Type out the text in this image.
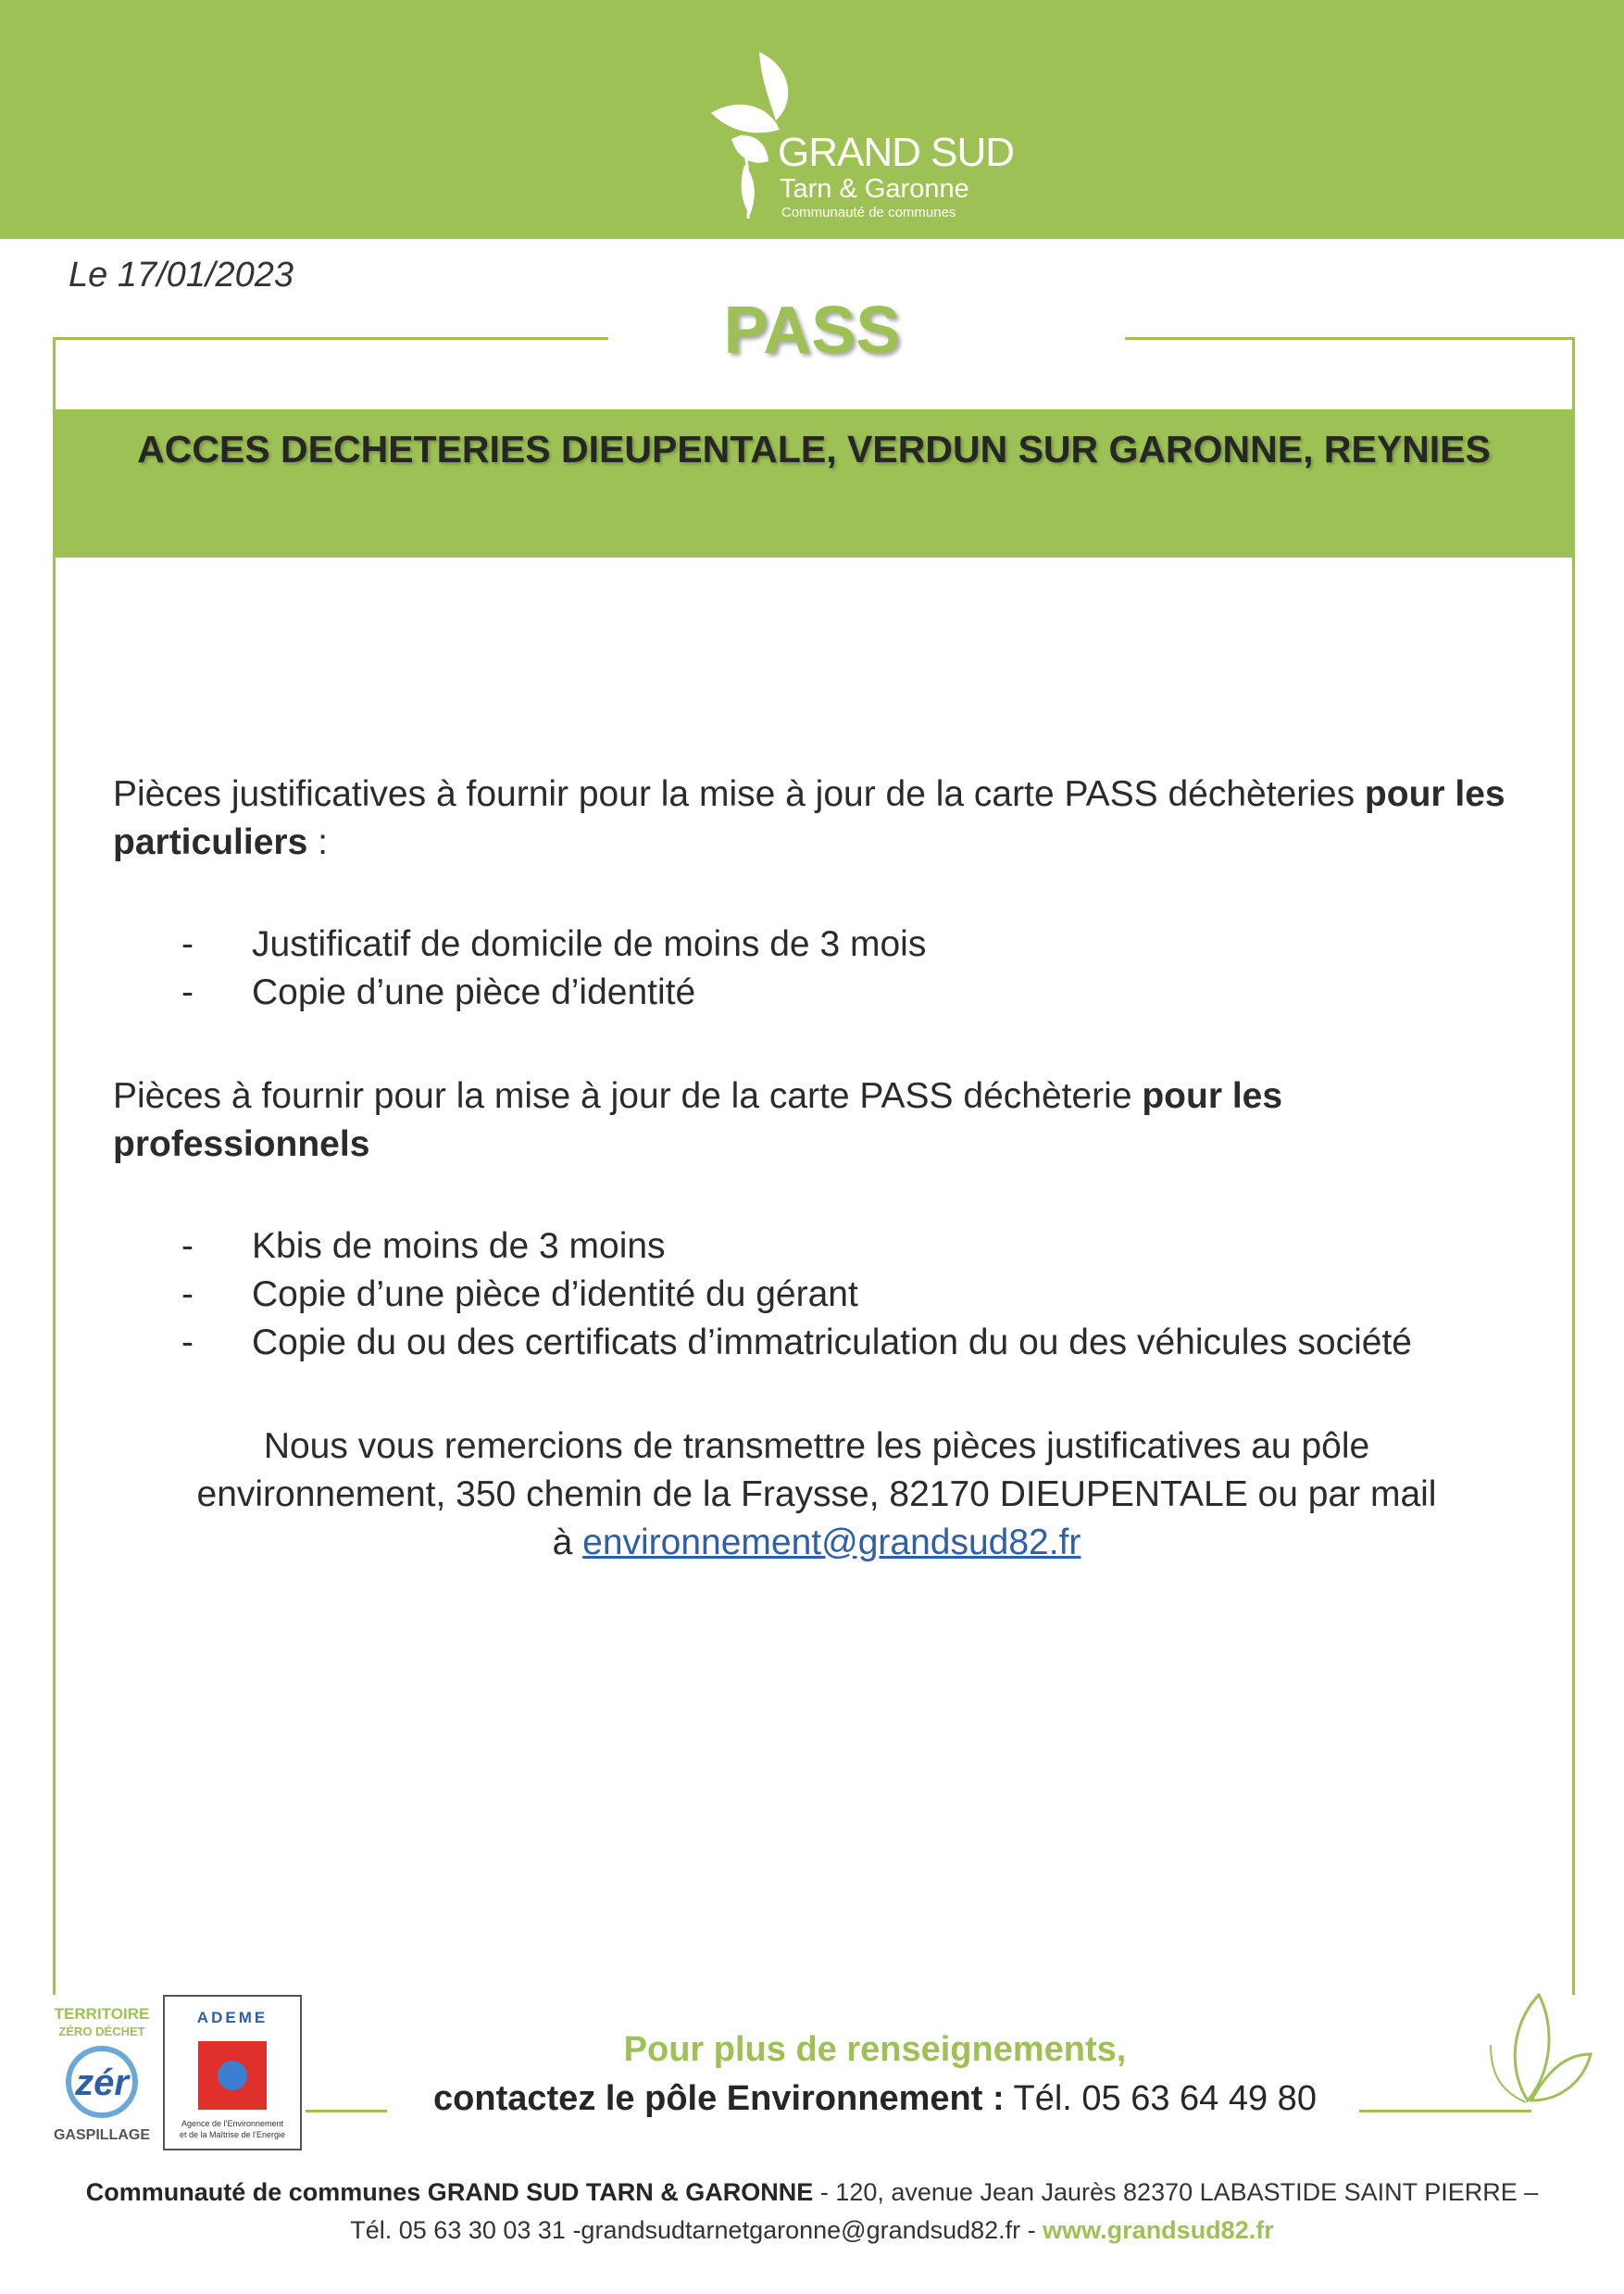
GRAND SUD
Tarn & Garonne
Communauté de communes
Le 17/01/2023
PASS
ACCES DECHETERIES DIEUPENTALE, VERDUN SUR GARONNE, REYNIES
Pièces justificatives à fournir pour la mise à jour de la carte PASS déchèteries pour les particuliers :
- Justificatif de domicile de moins de 3 mois
- Copie d’une pièce d’identité
Pièces à fournir pour la mise à jour de la carte PASS déchèterie pour les professionnels
- Kbis de moins de 3 moins
- Copie d’une pièce d’identité du gérant
- Copie du ou des certificats d’immatriculation du ou des véhicules société
Nous vous remercions de transmettre les pièces justificatives au pôle
environnement, 350 chemin de la Fraysse, 82170 DIEUPENTALE ou par mail
à environnement@grandsud82.fr
TERRITOIRE
ZÉRO DÉCHET
zér
GASPILLAGE
ADEME
Agence de l’Environnement
et de la Maîtrise de l’Energie
Pour plus de renseignements,
contactez le pôle Environnement : Tél. 05 63 64 49 80
Communauté de communes GRAND SUD TARN & GARONNE - 120, avenue Jean Jaurès 82370 LABASTIDE SAINT PIERRE –
Tél. 05 63 30 03 31 -grandsudtarnetgaronne@grandsud82.fr - www.grandsud82.fr
